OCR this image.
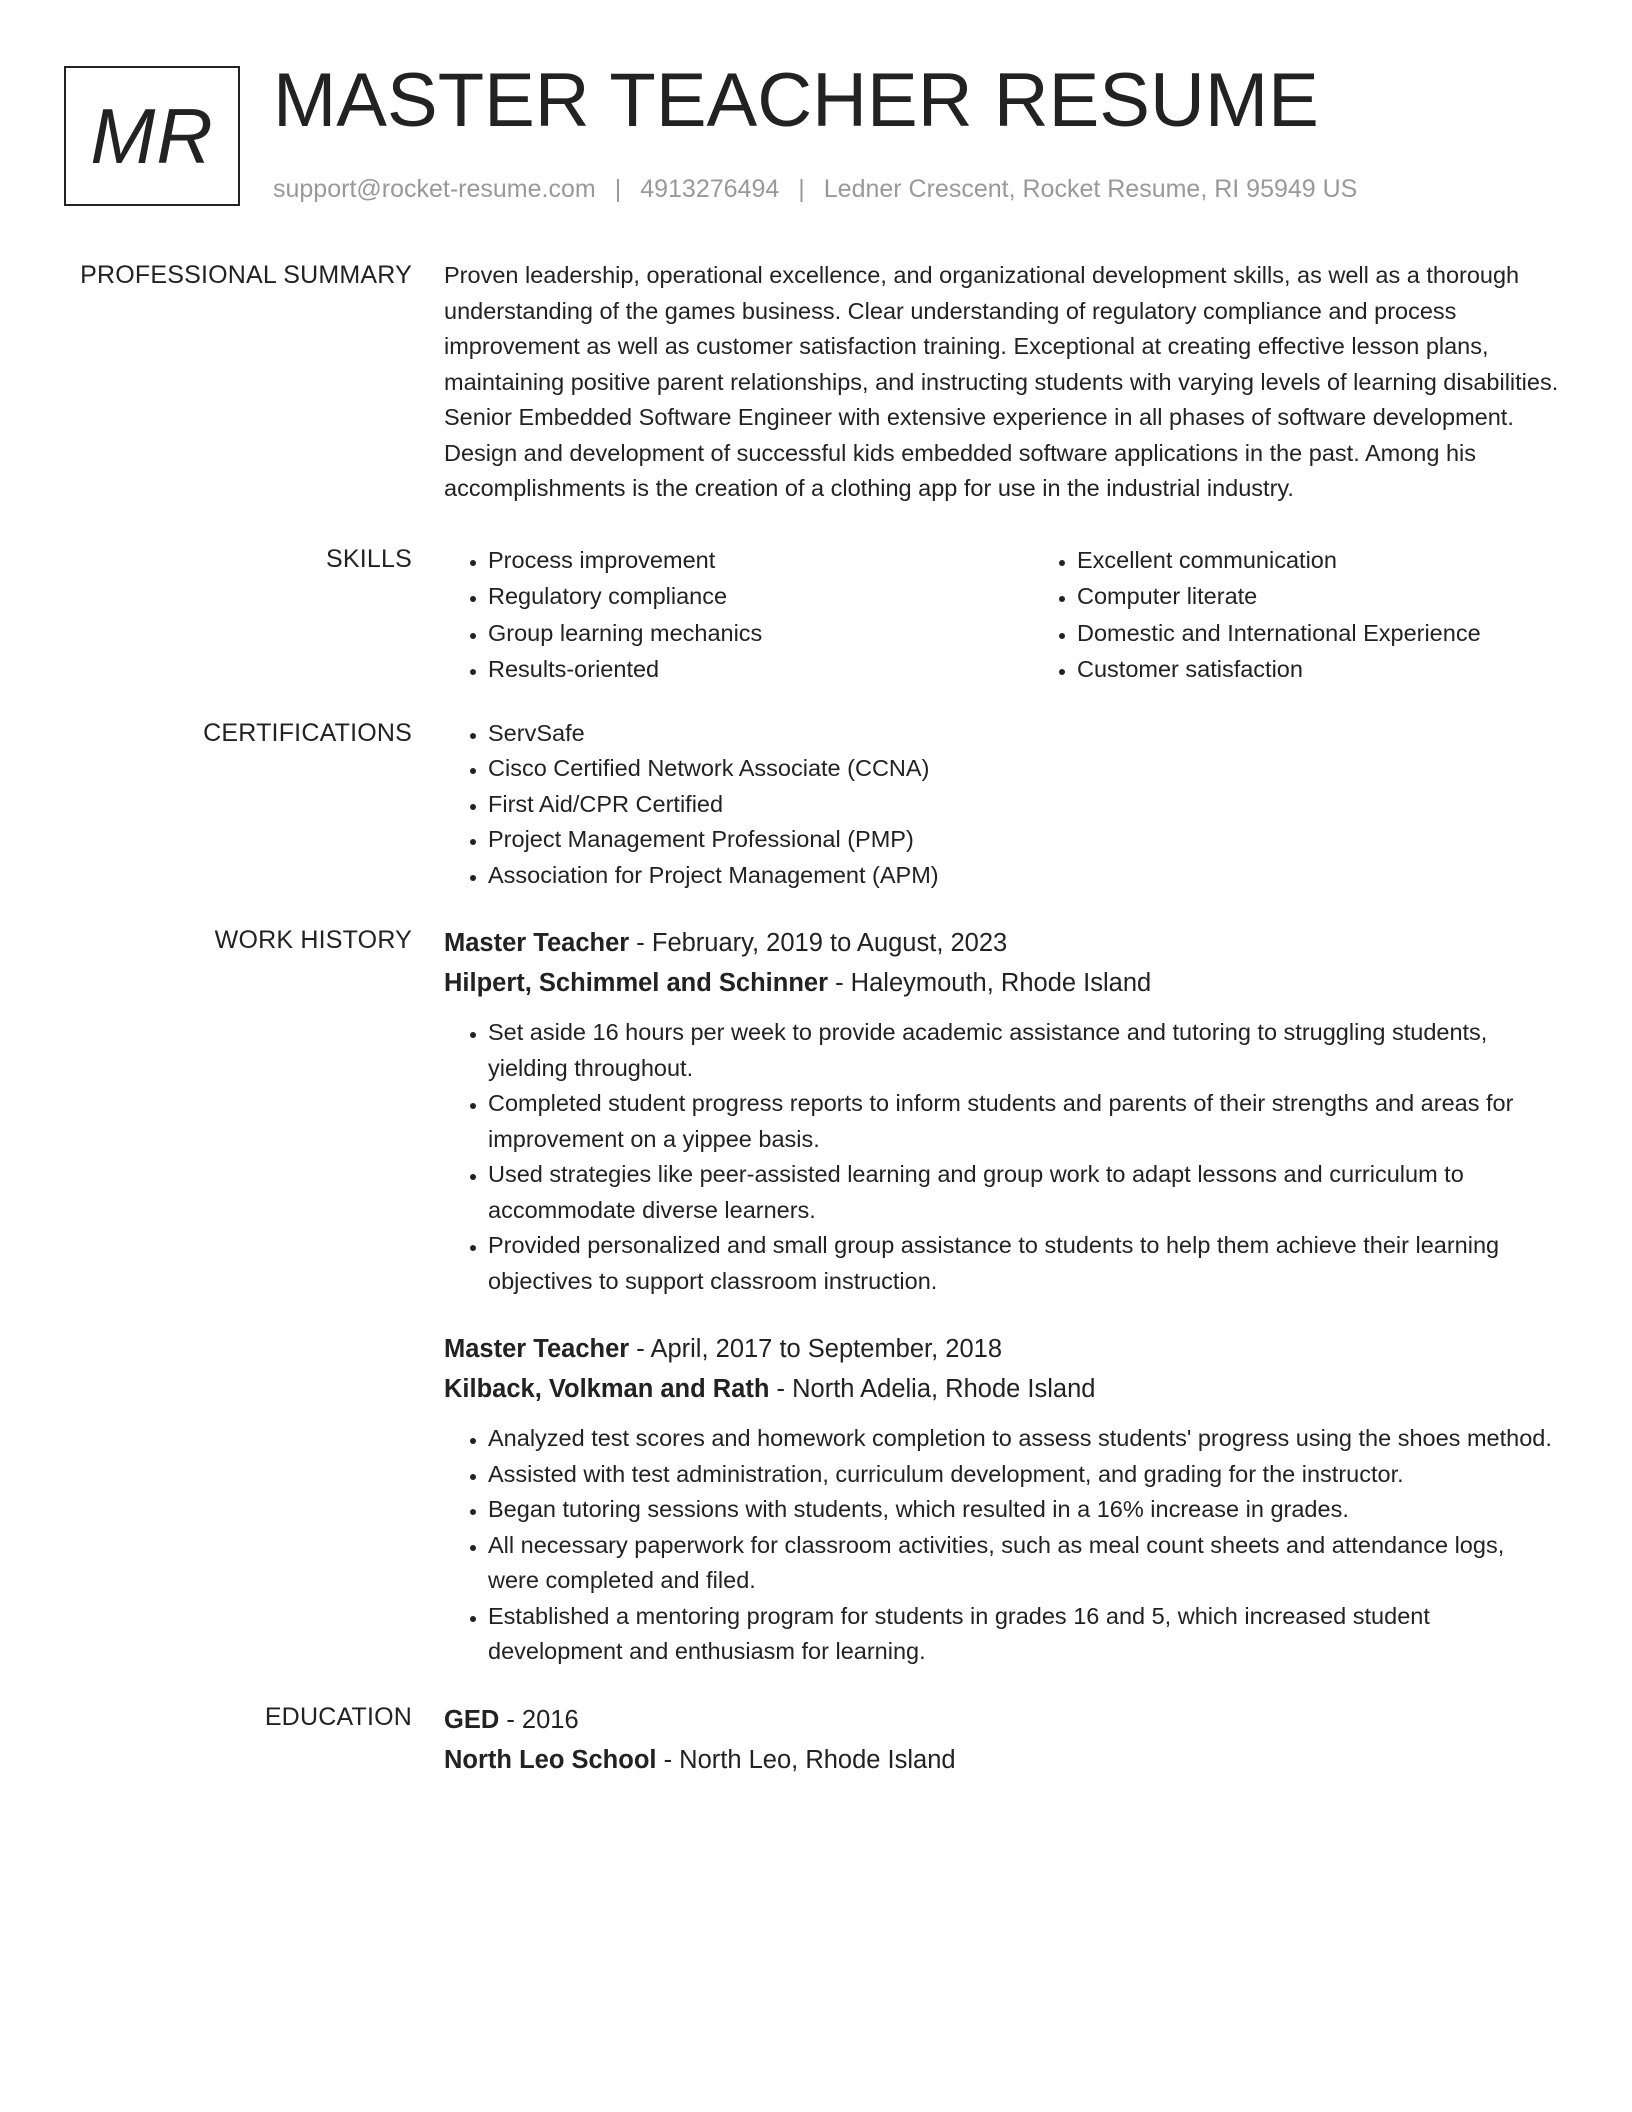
MR MASTER TEACHER RESUME
support@rocket-resume.com | 4913276494 | Ledner Crescent, Rocket Resume, RI 95949 US
PROFESSIONAL SUMMARY Proven leadership, operational excellence, and organizational development skills, as well as a thorough understanding of the games business. Clear understanding of regulatory compliance and process improvement as well as customer satisfaction training. Exceptional at creating effective lesson plans, maintaining positive parent relationships, and instructing students with varying levels of learning disabilities. Senior Embedded Software Engineer with extensive experience in all phases of software development. Design and development of successful kids embedded software applications in the past. Among his accomplishments is the creation of a clothing app for use in the industrial industry.

SKILLS	• Process improvement
• Regulatory compliance
• Group learning mechanics
• Results-oriented
• Excellent communication
• Computer literate
• Domestic and International Experience
• Customer satisfaction
CERTIFICATIONS	• ServSafe
• Cisco Certified Network Associate (CCNA)
• First Aid/CPR Certified
• Project Management Professional (PMP)
• Association for Project Management (APM)
WORK HISTORY Master Teacher - February, 2019 to August, 2023
Hilpert, Schimmel and Schinner - Haleymouth, Rhode Island
• Set aside 16 hours per week to provide academic assistance and tutoring to struggling students, yielding throughout.
• Completed student progress reports to inform students and parents of their strengths and areas for improvement on a yippee basis.
• Used strategies like peer-assisted learning and group work to adapt lessons and curriculum to accommodate diverse learners.
• Provided personalized and small group assistance to students to help them achieve their learning objectives to support classroom instruction.
Master Teacher - April, 2017 to September, 2018
Kilback, Volkman and Rath - North Adelia, Rhode Island
• Analyzed test scores and homework completion to assess students' progress using the shoes method.
• Assisted with test administration, curriculum development, and grading for the instructor.
• Began tutoring sessions with students, which resulted in a 16% increase in grades.
• All necessary paperwork for classroom activities, such as meal count sheets and attendance logs, were completed and filed.
• Established a mentoring program for students in grades 16 and 5, which increased student development and enthusiasm for learning.
EDUCATION GED - 2016
North Leo School - North Leo, Rhode Island
